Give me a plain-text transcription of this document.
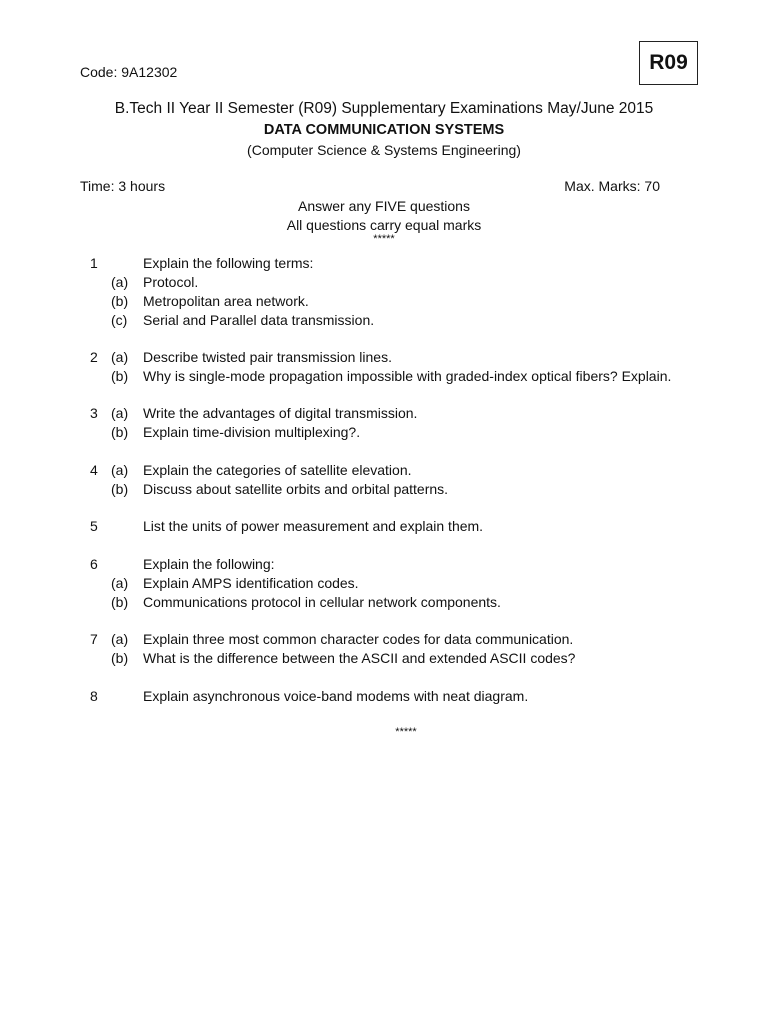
R09
Code: 9A12302
B.Tech II Year II Semester (R09) Supplementary Examinations May/June 2015
DATA COMMUNICATION SYSTEMS
(Computer Science & Systems Engineering)
Time: 3 hours	Max. Marks: 70
Answer any FIVE questions
All questions carry equal marks
*****
1	Explain the following terms:
(a) Protocol.
(b) Metropolitan area network.
(c) Serial and Parallel data transmission.
2 (a) Describe twisted pair transmission lines.
(b) Why is single-mode propagation impossible with graded-index optical fibers? Explain.
3 (a) Write the advantages of digital transmission.
(b) Explain time-division multiplexing?.
4 (a) Explain the categories of satellite elevation.
(b) Discuss about satellite orbits and orbital patterns.
5	List the units of power measurement and explain them.
6	Explain the following:
(a) Explain AMPS identification codes.
(b) Communications protocol in cellular network components.
7 (a) Explain three most common character codes for data communication.
(b) What is the difference between the ASCII and extended ASCII codes?
8	Explain asynchronous voice-band modems with neat diagram.
*****
